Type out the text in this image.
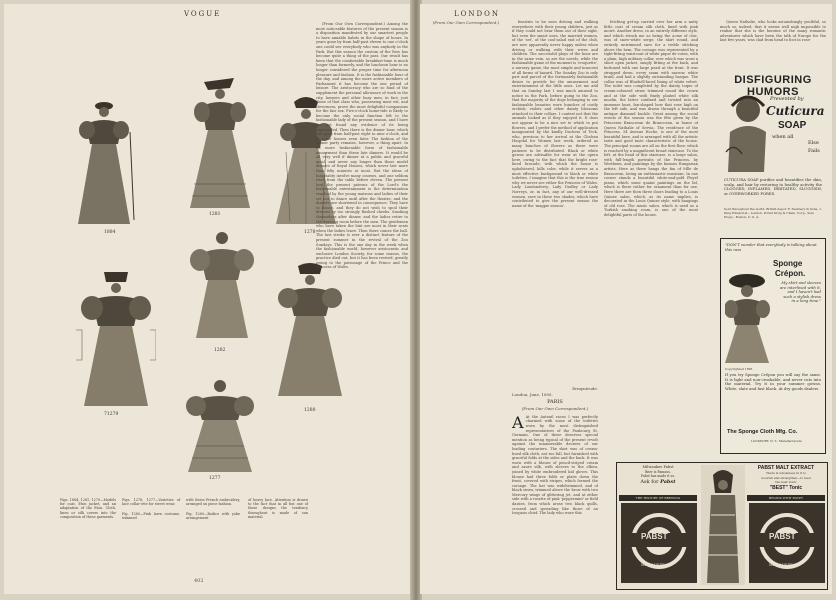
VOGUE
1884
1281
1278
1282
1280
71279
1277
Figs. 1884, 1281, 1279—Models for coat, Eton jacket, and an adaptation of the Eton. Cloth, linen or silk covers into the composition of these garments.
Figs. 1278, 1277—Varieties of lace collar-ette for street wear.
Fig. 1280—Pink lawn costume, trimmed
with Swiss French embroidery, arranged on piece fashion.
Fig. 1280—Bodice with yoke arrangement
of heavy lace. Attention is drawn to the fact that in all but one of these designs the tendency throughout is made of sun material.

(From Our Own Correspondent.) Among the most noticeable features of the present season is a disposition manifested by our smartest people to have amiable habits in the shape of hours. In years gone by from half-past eleven to one o'clock one could see everybody who was anybody in the Park. But this season the custom of the Row has become quite a thing of the past. Our result has been that the comfortable breakfast-time is much longer than formerly, and the luncheon hour is no longer considered the proper time for afternoon pleasure and fashion. It is the fashionable hour of the day, and among the more active members of Parliament it has become the one period of leisure. The aristocracy who are so fond of the supplement the personal allowance of work in the city, lawyers and other busy men, in fact, just those of that class who, possessing most wit, and cleverness, prove the most delightful companions for the fair sex. Five-o'clock home-tide is likely to become the only social function left to the fashionable lady of the present season, and I have not yet found any evidence of its being superseded. Then there is the dinner hour, which has gone from half-past eight to nine o'clock, and in some houses even later. The fashion of the dinner party remains, however, a thing apart. In no more fashionable form of fashionable amusement than these late dinners. It would be all very well if dinner at a public and graceful meal, and never any longer than those model dinners of Royal Houses, which never last more than fifty minutes at most. But the ideas of hospitality involve many courses, and one seldom rises from the table before eleven. The present lord the present patrons of the Lord's the fashionable entertainment is the determination reached by the young matrons and ladies of their set not to dance until after the theatre, and the dinners are shortened in consequence. They have to dance, and they do not wish to spoil their dresses by too strongly flushed cheeks. Smoking themselves after dinner, and the ladies retire to the drawing room before the men. The gentlemen who have taken the hint are most in their seats when the ladies leave. Then there comes the ball. The last stroke is ever a distinct feature of the present summer in the revival of the Zoo Sundays. This is the one day in the week when the fashionable world, however aristocratic and exclusive London Society, for some reason, the practice died out, but it has been revived, greatly owing to the patronage of the Prince and the Princess of Wales.

402
LONDON
(From Our Own Correspondent.)	beasties to be seen driving and walking everywhere with their young children, just as if they could not bear them out of their sight, but even the smart ones, the married women, of the 'set', of the cool-salad end of the club, are now apparently never happy unless when driving or walking with their wives and children. The successful plays of the hour are in the same vein, as are the novels, while the fashionable game of the moment is 'croquette', a nursery game, the most simple and innocent of all forms of hazard. The Sunday Zoo is only part and parcel of the fortunately fashionable desire to provide for the amusement and entertainment of the little ones. Let me add that on Sunday last I was much amused to notice in the Park, before going to the Zoo, that the majority of the dogs belonging to our fashionable beauties wore bunches of costly orchids, violets and other dainty blossoms attached to their collars. I contest not that the animals looked as if they enjoyed it. It does not appear to be a nice set to which to put flowers, and I prefer the method of application inaugurated by the kindly Duchess of Teck, who, previous to her arrival at the Chelsea Hospital for Women last week, ordered as many bunches of flowers as there were patients to be distributed. Black or white gowns are advisable for wear at the opera here, owing to the fact that the bright rose-lined brocade, with which the house is upholstered, kills color, while it serves as a most effective background to black or white toilettes. I imagine that this is the true reason why we never see either the Princess of Wales, Lady Londonderry, Lady Dudley or Lady Norreys, or, in fact, any of our well-dressed women, save in these two shades, which have contributed to give the present season the name of the 'magpie season'.

Ermyntrude.
London, June, 1895.
PARIS
(From Our Own Correspondent.)

A At the Auteuil races I was perfectly charmed with some of the toilettes worn by the most distinguished representatives of the Faubourg St. Germain. One of these deserves special mention as being typical of the present revolt against the innumerable decrees of our leading couturiers. The skirt was of cream-hued silk cloth, not too full, but furnished with graceful folds at the sides and the back. It was worn with a blouse of pencil-striped cream and azure silk, with sleeves to the elbow, joined by white embroidered kid gloves. This blouse had three folds or plaits down the front, covered with stripes, which formed the corsage. The hat was widebrimmed, and of black straw, trimmed above the brow with two Mercury wings of glittering jet, and at either side with a rosette of pink 'peppermint' or field daisies, from which arose two black quills, crossed and spreading like those of an Iroquois chief. The lady who wore this

fetching get-up carried over her arm a natty little coat of cream silk cloth, lined with pink moiré. Another dress, in an entirely different style, and which struck me as being the acme of chic, was of snow-white serge, the skirt round, and entirely untrimmed save for a treble stitching above the hem. The corsage was represented by a tight-fitting waistcoat of white pique de-coton, with a plain, high military collar, over which was worn a short open jacket, snugly fitting at the back, and buttoned with one large pearl at the front. It was strapped down, every seam with narrow, white braid, and had a slightly outstanding basque. The collar was of Bluebell-laced lining of white velvet. The toilet was completed by the dainty toque of cream-coloured straw trimmed round the crown and at the side with finely plaited white silk muslin, the latter confined and twisted into an immense knot, fan-shaped bow that rose high on the left side, and was drawn through a beautiful antique diamond buckle. Great among the social events of the season was the fête given by the Princesse Brancovan de Brancovan, in honor of Queen Nathalie of Servia. The residence of the Princess, 34 Avenue Hoche, is one of the most beautiful here, and is arranged with all the artistic taste and good taste characteristic of the house. The principal rooms are all on the first floor, which is reached by a magnificent broad staircase. To the left, at the head of this staircase, is a large salon, with full-length portraits of the Princess, by Wertheim, and paintings by the famous Hungarian artists. Here as there hangs the fan of Mlle de Brancovan, being an enthusiastic musician. In one corner stands a beautiful white-and-gold Pleyel piano, which some quaint paintings on the lid, which is there rather for ornament than for use. Here there are then three doors leading to a Louis Quinze salon, which, as its name implies, is decorated in the Louis Quinze style, with hangings of old rose. The music salon, which is used as a Turkish smoking room, is one of the most delightful parts of the house.

Queen Nathalie, who looks astonishingly youthful, so much so, indeed, that it seems well nigh impossible to realize that she is the heroine of the many romantic adventures which have been the talk of Europe for the last few years, was clad from head to foot in rose-

DISFIGURING HUMORS
Prevented by
Cuticura
SOAP
when all
Else
Fails
CUTICURA SOAP purifies and beautifies the skin, scalp, and hair by restoring to healthy activity the CLOGGED, INFLAMED, IRRITATED, SLUGGISH, or OVERWORKED PORES.
Sold throughout the world. British depot: F. Newbery & Sons, 1, King Edward-st., London. Potter Drug & Chem. Corp., Sole Props., Boston, U. S. A.
"DON'T wonder that everybody is talking about this new
Sponge
Crépon.
My skirt and sleeves are interlined with it, and I haven't had such a stylish dress in a long time."
Copyrighted 1895
If you try Sponge Crêpon you will say the same. It is light and non-crushable, and never cuts into the material. Try it in your summer gowns. White, slate and fast black. At dry goods dealers.
The Sponge Cloth Mfg. Co.
LOCKPORT, N. Y., Manufacturers.
Milwaukee Pabst
Beer is Famous.
Pabst has made it so.
Ask for Pabst
THE HISTORY OF BREWING
PABST
MILWAUKEE
PABST MALT EXTRACT
There is wholeness in it to
nourish and strengthen—to feed
the best Tonic
"BEST" Tonic
BEGINS WITH EGYPT
PABST
MILWAUKEE
